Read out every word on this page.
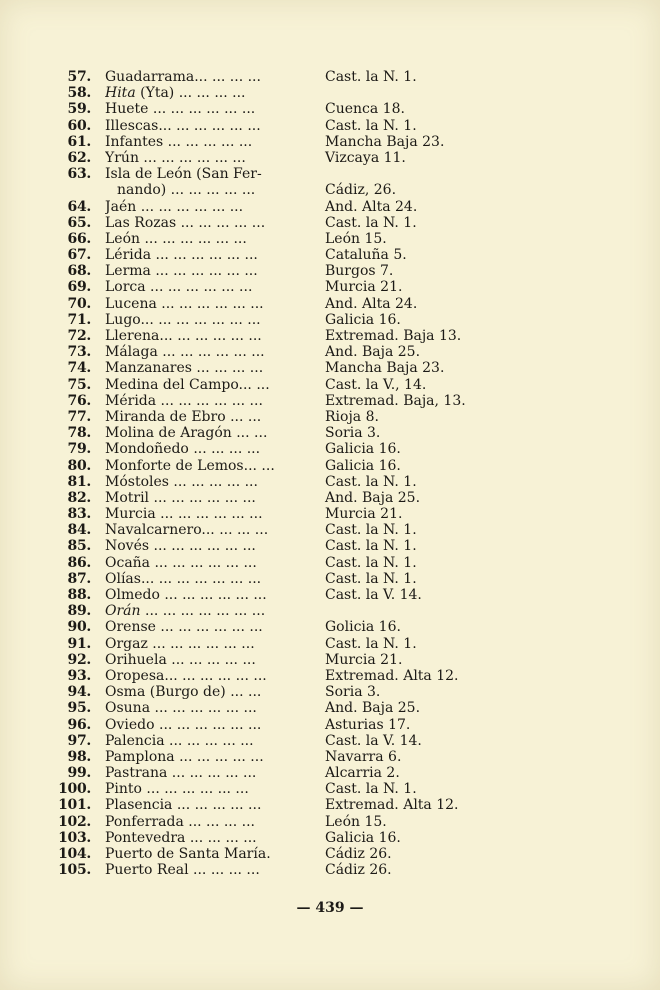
57. Guadarrama... ... ... ...	Cast. la N. 1.
58. Hita (Yta) ... ... ... ...
59. Huete ... ... ... ... ... ...	Cuenca 18.
60. Illescas... ... ... ... ... ...	Cast. la N. 1.
61. Infantes ... ... ... ... ...	Mancha Baja 23.
62. Yrún ... ... ... ... ... ...	Vizcaya 11.
63. Isla de León (San Fer-
nando) ... ... ... ... ...	Cádiz, 26.
64. Jaén ... ... ... ... ... ...	And. Alta 24.
65. Las Rozas ... ... ... ... ...	Cast. la N. 1.
66. León ... ... ... ... ... ...	León 15.
67. Lérida ... ... ... ... ... ...	Cataluña 5.
68. Lerma ... ... ... ... ... ...	Burgos 7.
69. Lorca ... ... ... ... ... ...	Murcia 21.
70. Lucena ... ... ... ... ... ...	And. Alta 24.
71. Lugo... ... ... ... ... ... ...	Galicia 16.
72. Llerena... ... ... ... ... ...	Extremad. Baja 13.
73. Málaga ... ... ... ... ... ...	And. Baja 25.
74. Manzanares ... ... ... ...	Mancha Baja 23.
75. Medina del Campo... ...	Cast. la V., 14.
76. Mérida ... ... ... ... ... ...	Extremad. Baja, 13.
77. Miranda de Ebro ... ...	Rioja 8.
78. Molina de Aragón ... ...	Soria 3.
79. Mondoñedo ... ... ... ...	Galicia 16.
80. Monforte de Lemos... ...	Galicia 16.
81. Móstoles ... ... ... ... ...	Cast. la N. 1.
82. Motril ... ... ... ... ... ...	And. Baja 25.
83. Murcia ... ... ... ... ... ...	Murcia 21.
84. Navalcarnero... ... ... ...	Cast. la N. 1.
85. Novés ... ... ... ... ... ...	Cast. la N. 1.
86. Ocaña ... ... ... ... ... ...	Cast. la N. 1.
87. Olías... ... ... ... ... ... ...	Cast. la N. 1.
88. Olmedo ... ... ... ... ... ...	Cast. la V. 14.
89. Orán ... ... ... ... ... ... ...
90. Orense ... ... ... ... ... ...	Golicia 16.
91. Orgaz ... ... ... ... ... ...	Cast. la N. 1.
92. Orihuela ... ... ... ... ...	Murcia 21.
93. Oropesa... ... ... ... ... ...	Extremad. Alta 12.
94. Osma (Burgo de) ... ...	Soria 3.
95. Osuna ... ... ... ... ... ...	And. Baja 25.
96. Oviedo ... ... ... ... ... ...	Asturias 17.
97. Palencia ... ... ... ... ...	Cast. la V. 14.
98. Pamplona ... ... ... ... ...	Navarra 6.
99. Pastrana ... ... ... ... ...	Alcarria 2.
100. Pinto ... ... ... ... ... ...	Cast. la N. 1.
101. Plasencia ... ... ... ... ...	Extremad. Alta 12.
102. Ponferrada ... ... ... ...	León 15.
103. Pontevedra ... ... ... ...	Galicia 16.
104. Puerto de Santa María.	Cádiz 26.
105. Puerto Real ... ... ... ...	Cádiz 26.
— 439 —
